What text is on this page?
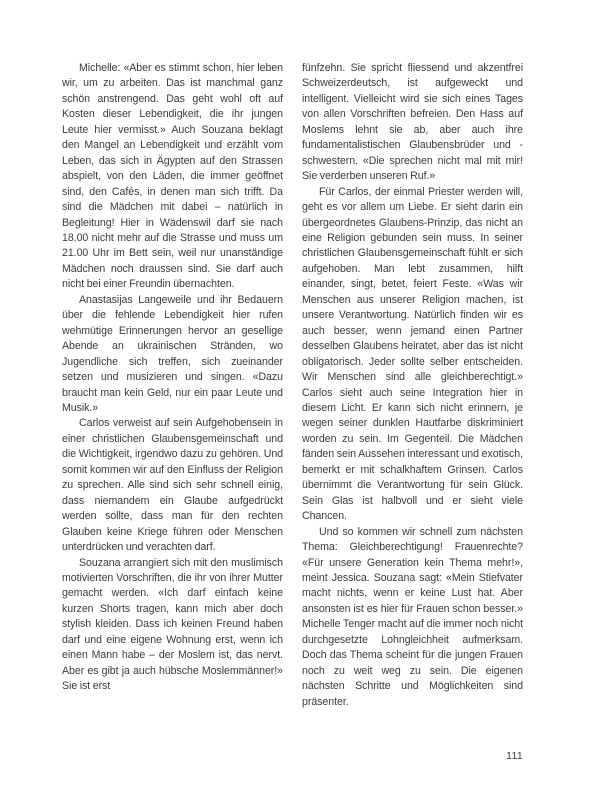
Michelle: «Aber es stimmt schon, hier leben wir, um zu arbeiten. Das ist manchmal ganz schön anstrengend. Das geht wohl oft auf Kosten dieser Lebendigkeit, die ihr jungen Leute hier vermisst.» Auch Souzana beklagt den Mangel an Lebendigkeit und erzählt vom Leben, das sich in Ägypten auf den Strassen abspielt, von den Läden, die immer geöffnet sind, den Cafés, in denen man sich trifft. Da sind die Mädchen mit dabei – natürlich in Begleitung! Hier in Wädenswil darf sie nach 18.00 nicht mehr auf die Strasse und muss um 21.00 Uhr im Bett sein, weil nur unanständige Mädchen noch draussen sind. Sie darf auch nicht bei einer Freundin übernachten.

Anastasijas Langeweile und ihr Bedauern über die fehlende Lebendigkeit hier rufen wehmütige Erinnerungen hervor an gesellige Abende an ukrainischen Stränden, wo Jugendliche sich treffen, sich zueinander setzen und musizieren und singen. «Dazu braucht man kein Geld, nur ein paar Leute und Musik.»

Carlos verweist auf sein Aufgehobensein in einer christlichen Glaubensgemeinschaft und die Wichtigkeit, irgendwo dazu zu gehören. Und somit kommen wir auf den Einfluss der Religion zu sprechen. Alle sind sich sehr schnell einig, dass niemandem ein Glaube aufgedrückt werden sollte, dass man für den rechten Glauben keine Kriege führen oder Menschen unterdrücken und verachten darf.

Souzana arrangiert sich mit den muslimisch motivierten Vorschriften, die ihr von ihrer Mutter gemacht werden. «Ich darf einfach keine kurzen Shorts tragen, kann mich aber doch stylish kleiden. Dass ich keinen Freund haben darf und eine eigene Wohnung erst, wenn ich einen Mann habe – der Moslem ist, das nervt. Aber es gibt ja auch hübsche Moslemmänner!» Sie ist erst

fünfzehn. Sie spricht fliessend und akzentfrei Schweizerdeutsch, ist aufgeweckt und intelligent. Vielleicht wird sie sich eines Tages von allen Vorschriften befreien. Den Hass auf Moslems lehnt sie ab, aber auch ihre fundamentalistischen Glaubensbrüder und -schwestern. «Die sprechen nicht mal mit mir! Sie verderben unseren Ruf.»

Für Carlos, der einmal Priester werden will, geht es vor allem um Liebe. Er sieht darin ein übergeordnetes Glaubens-Prinzip, das nicht an eine Religion gebunden sein muss. In seiner christlichen Glaubensgemeinschaft fühlt er sich aufgehoben. Man lebt zusammen, hilft einander, singt, betet, feiert Feste. «Was wir Menschen aus unserer Religion machen, ist unsere Verantwortung. Natürlich finden wir es auch besser, wenn jemand einen Partner desselben Glaubens heiratet, aber das ist nicht obligatorisch. Jeder sollte selber entscheiden. Wir Menschen sind alle gleichberechtigt.» Carlos sieht auch seine Integration hier in diesem Licht. Er kann sich nicht erinnern, je wegen seiner dunklen Hautfarbe diskriminiert worden zu sein. Im Gegenteil. Die Mädchen fänden sein Aussehen interessant und exotisch, bemerkt er mit schalkhaftem Grinsen. Carlos übernimmt die Verantwortung für sein Glück. Sein Glas ist halbvoll und er sieht viele Chancen.

Und so kommen wir schnell zum nächsten Thema: Gleichberechtigung! Frauenrechte? «Für unsere Generation kein Thema mehr!», meint Jessica. Souzana sagt: «Mein Stiefvater macht nichts, wenn er keine Lust hat. Aber ansonsten ist es hier für Frauen schon besser.» Michelle Tenger macht auf die immer noch nicht durchgesetzte Lohngleichheit aufmerksam. Doch das Thema scheint für die jungen Frauen noch zu weit weg zu sein. Die eigenen nächsten Schritte und Möglichkeiten sind präsenter.

111
